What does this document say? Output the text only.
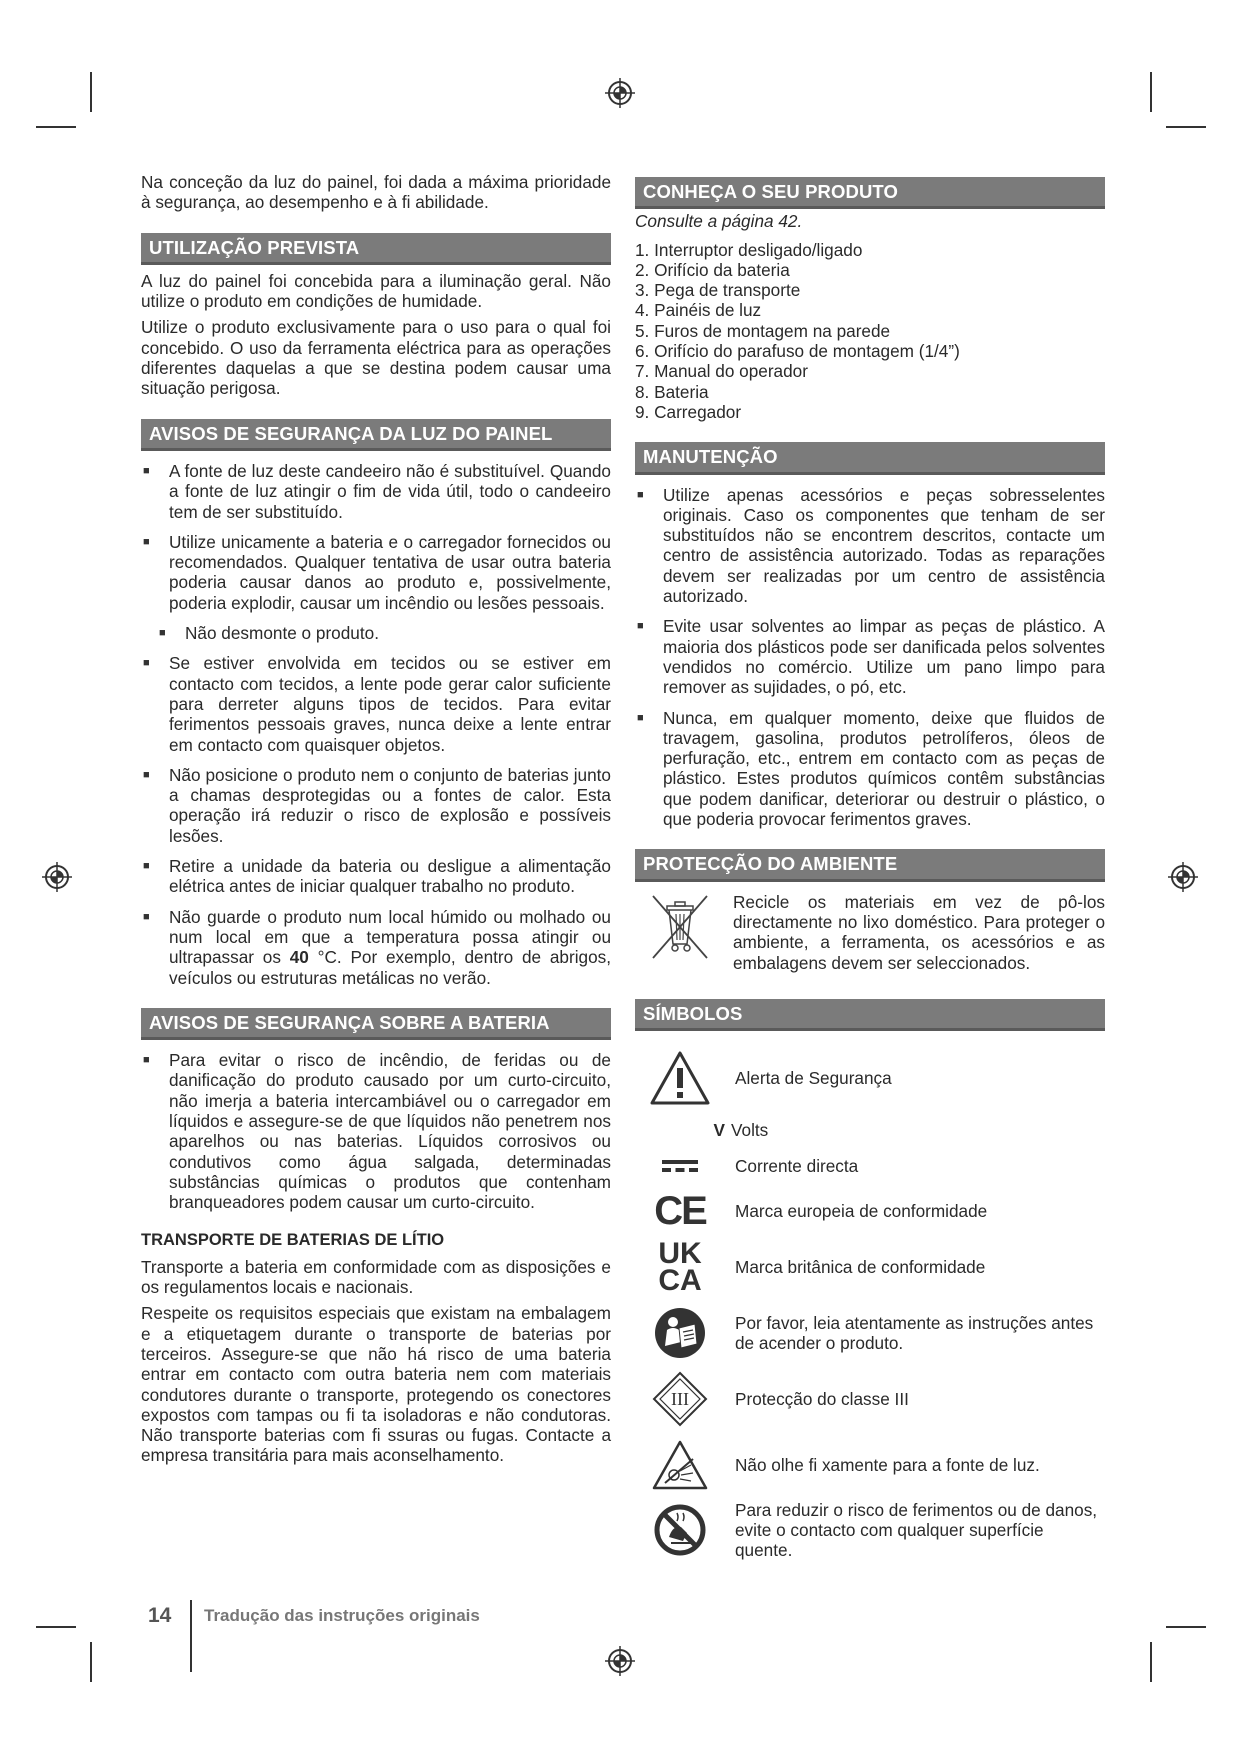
Na conceção da luz do painel, foi dada a máxima prioridade à segurança, ao desempenho e à fi abilidade.

UTILIZAÇÃO PREVISTA

A luz do painel foi concebida para a iluminação geral. Não utilize o produto em condições de humidade.

Utilize o produto exclusivamente para o uso para o qual foi concebido. O uso da ferramenta eléctrica para as operações diferentes daquelas a que se destina podem causar uma situação perigosa.

AVISOS DE SEGURANÇA DA LUZ DO PAINEL
■ A fonte de luz deste candeeiro não é substituível. Quando a fonte de luz atingir o fim de vida útil, todo o candeeiro tem de ser substituído.
■ Utilize unicamente a bateria e o carregador fornecidos ou recomendados. Qualquer tentativa de usar outra bateria poderia causar danos ao produto e, possivelmente, poderia explodir, causar um incêndio ou lesões pessoais.
■ Não desmonte o produto.
■ Se estiver envolvida em tecidos ou se estiver em contacto com tecidos, a lente pode gerar calor suficiente para derreter alguns tipos de tecidos. Para evitar ferimentos pessoais graves, nunca deixe a lente entrar em contacto com quaisquer objetos.
■ Não posicione o produto nem o conjunto de baterias junto a chamas desprotegidas ou a fontes de calor. Esta operação irá reduzir o risco de explosão e possíveis lesões.
■ Retire a unidade da bateria ou desligue a alimentação elétrica antes de iniciar qualquer trabalho no produto.
■ Não guarde o produto num local húmido ou molhado ou num local em que a temperatura possa atingir ou ultrapassar os 40 °C. Por exemplo, dentro de abrigos, veículos ou estruturas metálicas no verão.
AVISOS DE SEGURANÇA SOBRE A BATERIA
■ Para evitar o risco de incêndio, de feridas ou de danificação do produto causado por um curto-circuito, não imerja a bateria intercambiável ou o carregador em líquidos e assegure-se de que líquidos não penetrem nos aparelhos ou nas baterias. Líquidos corrosivos ou condutivos como água salgada, determinadas substâncias químicas o produtos que contenham branqueadores podem causar um curto-circuito.
TRANSPORTE DE BATERIAS DE LÍTIO

Transporte a bateria em conformidade com as disposições e os regulamentos locais e nacionais.

Respeite os requisitos especiais que existam na embalagem e a etiquetagem durante o transporte de baterias por terceiros. Assegure-se que não há risco de uma bateria entrar em contacto com outra bateria nem com materiais condutores durante o transporte, protegendo os conectores expostos com tampas ou fi ta isoladoras e não condutoras. Não transporte baterias com fi ssuras ou fugas. Contacte a empresa transitária para mais aconselhamento.

CONHEÇA O SEU PRODUTO
Consulte a página 42.
1. Interruptor desligado/ligado
2. Orifício da bateria
3. Pega de transporte
4. Painéis de luz
5. Furos de montagem na parede
6. Orifício do parafuso de montagem (1/4”)
7. Manual do operador
8. Bateria
9. Carregador
MANUTENÇÃO
■ Utilize apenas acessórios e peças sobresselentes originais. Caso os componentes que tenham de ser substituídos não se encontrem descritos, contacte um centro de assistência autorizado. Todas as reparações devem ser realizadas por um centro de assistência autorizado.
■ Evite usar solventes ao limpar as peças de plástico. A maioria dos plásticos pode ser danificada pelos solventes vendidos no comércio. Utilize um pano limpo para remover as sujidades, o pó, etc.
■ Nunca, em qualquer momento, deixe que fluidos de travagem, gasolina, produtos petrolíferos, óleos de perfuração, etc., entrem em contacto com as peças de plástico. Estes produtos químicos contêm substâncias que podem danificar, deteriorar ou destruir o plástico, o que poderia provocar ferimentos graves.
PROTECÇÃO DO AMBIENTE

Recicle os materiais em vez de pô-los directamente no lixo doméstico. Para proteger o ambiente, a ferramenta, os acessórios e as embalagens devem ser seleccionados.

SÍMBOLOS
Alerta de Segurança
V Volts
Corrente directa
CE	Marca europeia de conformidade
UK
CA	Marca britânica de conformidade
Por favor, leia atentamente as instruções antes de acender o produto.
III	Protecção do classe III
Não olhe fi xamente para a fonte de luz.
Para reduzir o risco de ferimentos ou de danos, evite o contacto com qualquer superfície quente.
14	Tradução das instruções originais
